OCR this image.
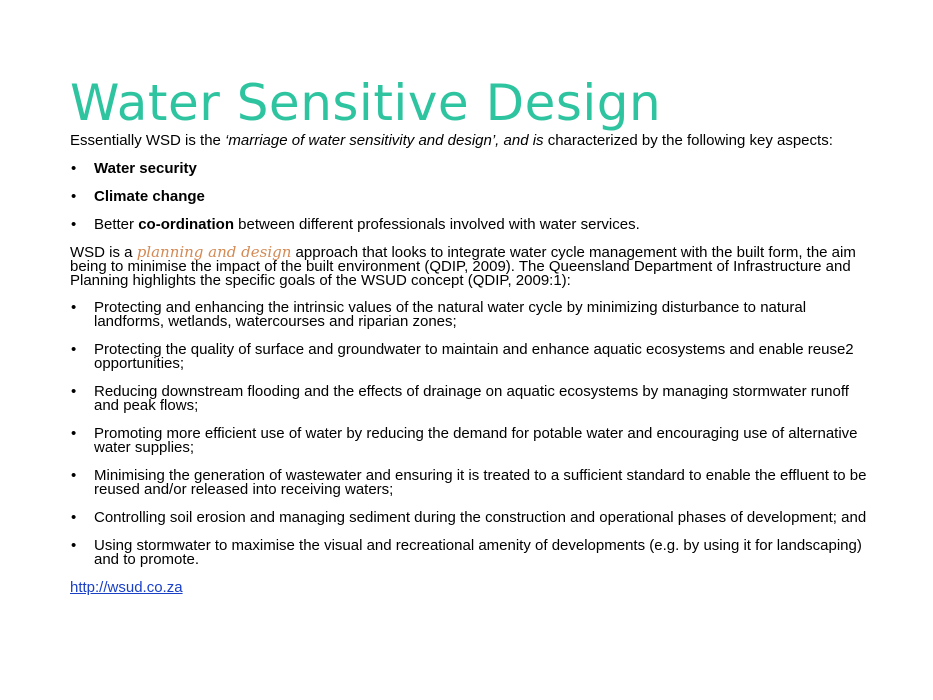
Water Sensitive Design

Essentially WSD is the ‘marriage of water sensitivity and design’, and is characterized by the following key aspects:

• Water security
• Climate change
• Better co-ordination between different professionals involved with water services.

WSD is a planning and design approach that looks to integrate water cycle management with the built form, the aim being to minimise the impact of the built environment (QDIP, 2009). The Queensland Department of Infrastructure and Planning highlights the specific goals of the WSUD concept (QDIP, 2009:1):

• Protecting and enhancing the intrinsic values of the natural water cycle by minimizing disturbance to natural landforms, wetlands, watercourses and riparian zones;
• Protecting the quality of surface and groundwater to maintain and enhance aquatic ecosystems and enable reuse2 opportunities;
• Reducing downstream flooding and the effects of drainage on aquatic ecosystems by managing stormwater runoff and peak flows;
• Promoting more efficient use of water by reducing the demand for potable water and encouraging use of alternative water supplies;
• Minimising the generation of wastewater and ensuring it is treated to a sufficient standard to enable the effluent to be reused and/or released into receiving waters;
• Controlling soil erosion and managing sediment during the construction and operational phases of development; and
• Using stormwater to maximise the visual and recreational amenity of developments (e.g. by using it for landscaping) and to promote.
http://wsud.co.za
